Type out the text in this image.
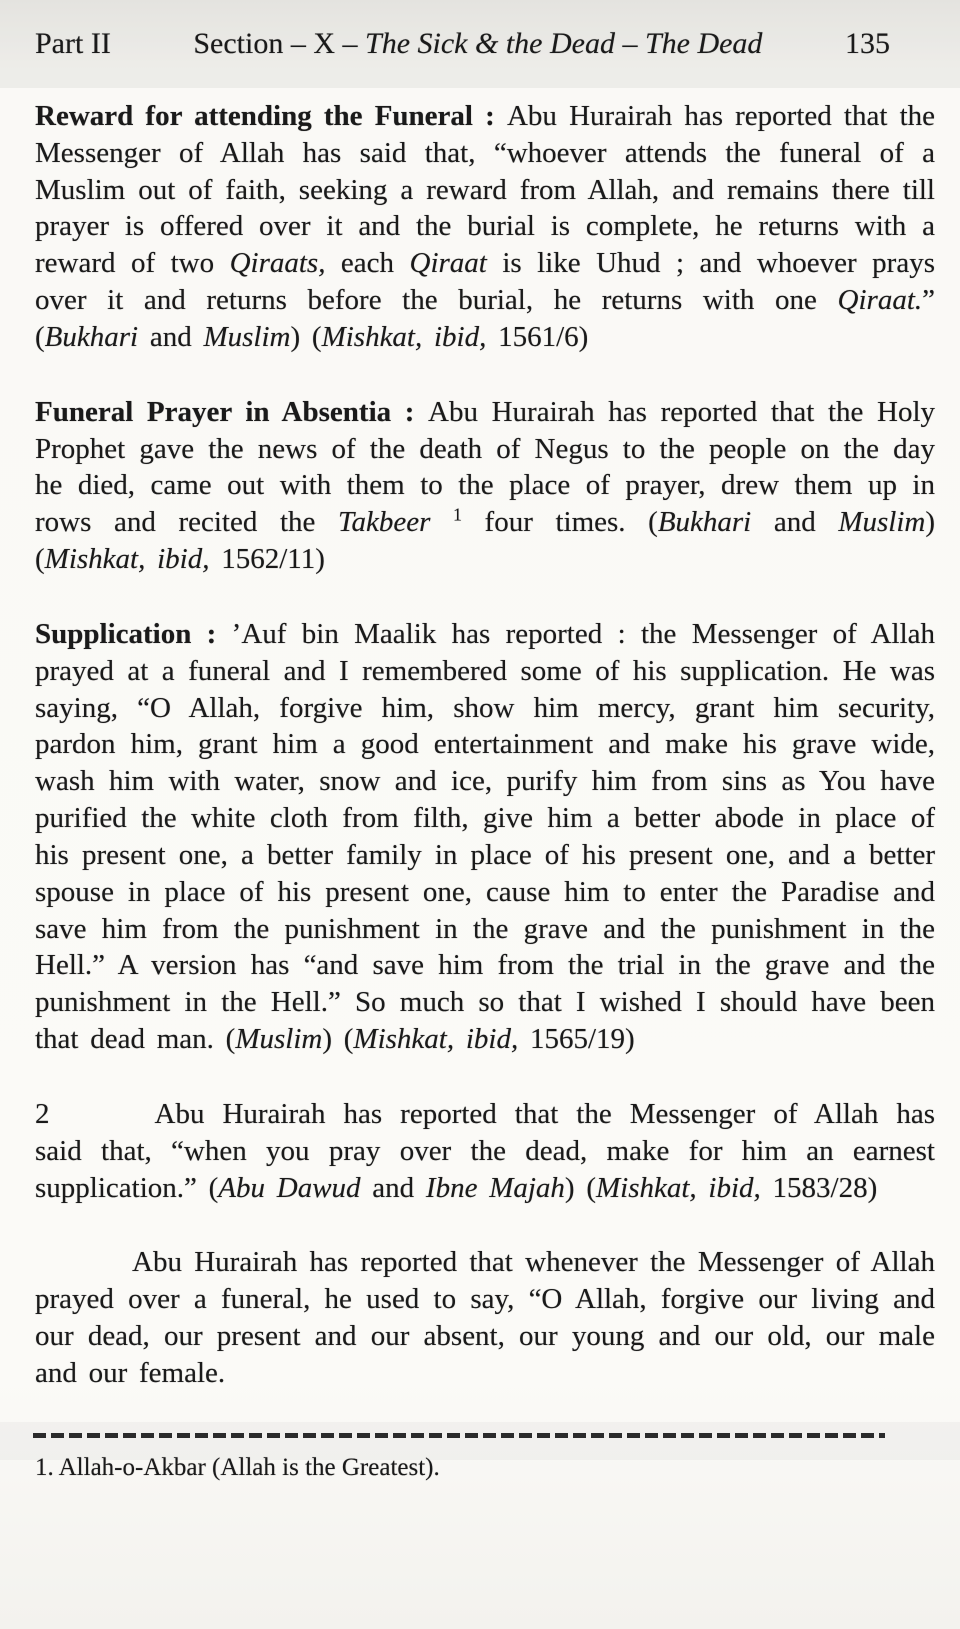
Part II	Section – X – The Sick & the Dead – The Dead	135

Reward for attending the Funeral : Abu Hurairah has reported that the Messenger of Allah has said that, “whoever attends the funeral of a Muslim out of faith, seeking a reward from Allah, and remains there till prayer is offered over it and the burial is complete, he returns with a reward of two Qiraats, each Qiraat is like Uhud ; and whoever prays over it and returns before the burial, he returns with one Qiraat.” (Bukhari and Muslim) (Mishkat, ibid, 1561/6)

Funeral Prayer in Absentia : Abu Hurairah has reported that the Holy Prophet gave the news of the death of Negus to the people on the day he died, came out with them to the place of prayer, drew them up in rows and recited the Takbeer $^1$ four times. (Bukhari and Muslim) (Mishkat, ibid, 1562/11)

Supplication : ’Auf bin Maalik has reported : the Messenger of Allah prayed at a funeral and I remembered some of his supplication. He was saying, “O Allah, forgive him, show him mercy, grant him security, pardon him, grant him a good entertainment and make his grave wide, wash him with water, snow and ice, purify him from sins as You have purified the white cloth from filth, give him a better abode in place of his present one, a better family in place of his present one, and a better spouse in place of his present one, cause him to enter the Paradise and save him from the punishment in the grave and the punishment in the Hell.” A version has “and save him from the trial in the grave and the punishment in the Hell.” So much so that I wished I should have been that dead man. (Muslim) (Mishkat, ibid, 1565/19)

2	Abu Hurairah has reported that the Messenger of Allah has said that, “when you pray over the dead, make for him an earnest supplication.” (Abu Dawud and Ibne Majah) (Mishkat, ibid, 1583/28)

Abu Hurairah has reported that whenever the Messenger of Allah prayed over a funeral, he used to say, “O Allah, forgive our living and our dead, our present and our absent, our young and our old, our male and our female.

1. Allah-o-Akbar (Allah is the Greatest).
